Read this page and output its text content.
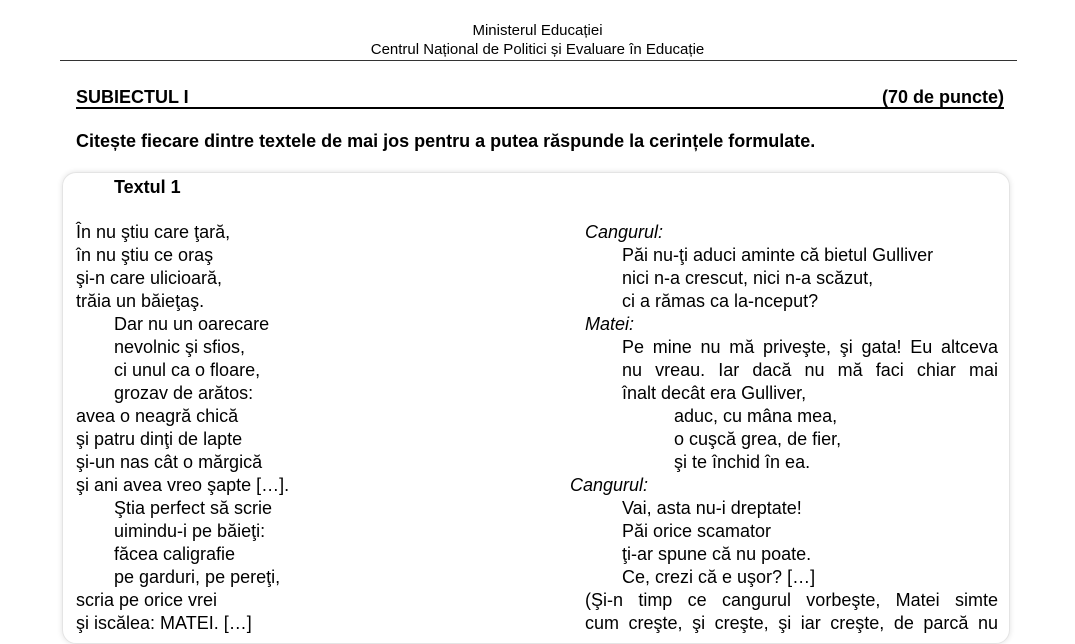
Ministerul Educației
Centrul Național de Politici și Evaluare în Educație
SUBIECTUL I	(70 de puncte)
Citește fiecare dintre textele de mai jos pentru a putea răspunde la cerințele formulate.
Textul 1
În nu ştiu care ţară,
în nu ştiu ce oraş
şi-n care ulicioară,
trăia un băieţaş.
Dar nu un oarecare
nevolnic şi sfios,
ci unul ca o floare,
grozav de arătos:
avea o neagră chică
şi patru dinţi de lapte
şi-un nas cât o mărgică
şi ani avea vreo şapte […].
Ştia perfect să scrie
uimindu-i pe băieţi:
făcea caligrafie
pe garduri, pe pereţi,
scria pe orice vrei
şi iscălea: MATEI. […]
Cangurul:
Păi nu-ţi aduci aminte că bietul Gulliver
nici n-a crescut, nici n-a scăzut,
ci a rămas ca la-nceput?
Matei:
Pe mine nu mă priveşte, şi gata! Eu altceva
nu vreau. Iar dacă nu mă faci chiar mai
înalt decât era Gulliver,
aduc, cu mâna mea,
o cuşcă grea, de fier,
şi te închid în ea.
Cangurul:
Vai, asta nu-i dreptate!
Păi orice scamator
ţi-ar spune că nu poate.
Ce, crezi că e uşor? […]
(Şi-n timp ce cangurul vorbeşte, Matei simte
cum creşte, şi creşte, şi iar creşte, de parcă nu
